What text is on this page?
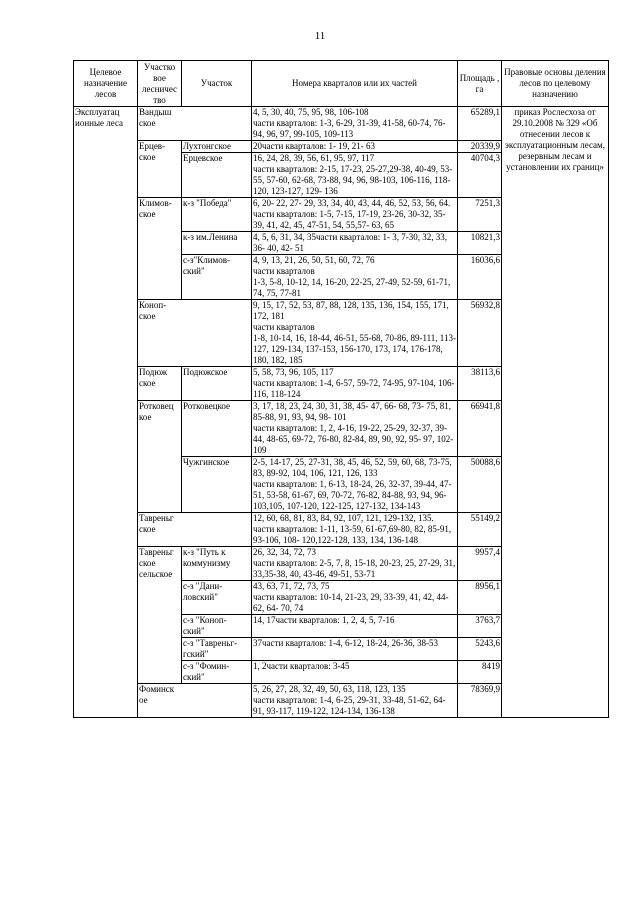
11
Целевое назначение лесов	Участко вое лесничес тво	Участок	Номера кварталов или их частей	Площадь , га	Правовые основы деления лесов по целевому назначению
Эксплуатац ионные леса	Вандыш ское		4, 5, 30, 40, 75, 95, 98, 106-108
части кварталов: 1-3, 6-29, 31-39, 41-58, 60-74, 76- 94, 96, 97, 99-105, 109-113	65289,1	приказ Рослесхоза от 29.10.2008 № 329 «Об отнесении лесов к эксплуатационным лесам, резервным лесам и установлении их границ»
	Ерцев- ское	Лухтонгское	20части кварталов: 1- 19, 21- 63	20339,9	
		Ерцевское	16, 24, 28, 39, 56, 61, 95, 97, 117
части кварталов: 2-15, 17-23, 25-27,29-38, 40-49, 53-55, 57-60, 62-68, 73-88, 94, 96, 98-103, 106-116, 118-120, 123-127, 129- 136	40704,3	
	Климов- ское	к-з "Победа"	6, 20- 22, 27- 29, 33, 34, 40, 43, 44, 46, 52, 53, 56, 64. части кварталов: 1-5, 7-15, 17-19, 23-26, 30-32, 35-39, 41, 42, 45, 47-51, 54, 55,57- 63, 65	7251,3	
		к-з им.Ленина	4, 5, 6, 31, 34, 35части кварталов: 1- 3, 7-30, 32, 33, 36- 40, 42- 51	10821,3	
		с-з"Климов- ский"	4, 9, 13, 21, 26, 50, 51, 60, 72, 76
части кварталов
1-3, 5-8, 10-12, 14, 16-20, 22-25, 27-49, 52-59, 61-71, 74, 75, 77-81	16036,6	
	Коноп- ское		9, 15, 17, 52, 53, 87, 88, 128, 135, 136, 154, 155, 171, 172, 181
части кварталов
1-8, 10-14, 16, 18-44, 46-51, 55-68, 70-86, 89-111, 113-127, 129-134, 137-153, 156-170, 173, 174, 176-178, 180, 182, 185	56932,8	
	Подюж ское	Подюжское	5, 58, 73, 96, 105, 117
части кварталов: 1-4, 6-57, 59-72, 74-95, 97-104, 106-116, 118-124	38113,6	
	Ротковец кое	Ротковецкое	3, 17, 18, 23, 24, 30, 31, 38, 45- 47, 66- 68, 73- 75, 81, 85-88, 91, 93, 94, 98- 101
части кварталов: 1, 2, 4-16, 19-22, 25-29, 32-37, 39-44, 48-65, 69-72, 76-80, 82-84, 89, 90, 92, 95- 97, 102-109	66941,8	
		Чужгинское	2-5, 14-17, 25, 27-31, 38, 45, 46, 52, 59, 60, 68, 73-75, 83, 89-92, 104, 106, 121, 126, 133
части кварталов: 1, 6-13, 18-24, 26, 32-37, 39-44, 47-51, 53-58, 61-67, 69, 70-72, 76-82, 84-88, 93, 94, 96-103,105, 107-120, 122-125, 127-132, 134-143	50088,6	
	Тавреньг ское		12, 60, 68, 81, 83, 84, 92, 107, 121, 129-132, 135. части кварталов: 1-11, 13-59, 61-67,69-80, 82, 85-91, 93-106, 108- 120,122-128, 133, 134, 136-148	55149,2	
	Тавреньг ское сельское	к-з "Путь к коммунизму	26, 32, 34, 72, 73
части кварталов: 2-5, 7, 8, 15-18, 20-23, 25, 27-29, 31, 33,35-38, 40, 43-46, 49-51, 53-71	9957,4	
		с-з "Дани- ловский"	43, 63, 71, 72, 73, 75
части кварталов: 10-14, 21-23, 29, 33-39, 41, 42, 44- 62, 64- 70, 74	8956,1	
		с-з "Коноп- ский"	14, 17части кварталов: 1, 2, 4, 5, 7-16	3763,7	
		с-з "Тавреньг- гский"	37части кварталов: 1-4, 6-12, 18-24, 26-36, 38-53	5243,6	
		с-з "Фомин- ский"	1, 2части кварталов: 3-45	8419	
	Фоминск ое		5, 26, 27, 28, 32, 49, 50, 63, 118, 123, 135
части кварталов: 1-4, 6-25, 29-31, 33-48, 51-62, 64-91, 93-117, 119-122, 124-134, 136-138	78369,9	
